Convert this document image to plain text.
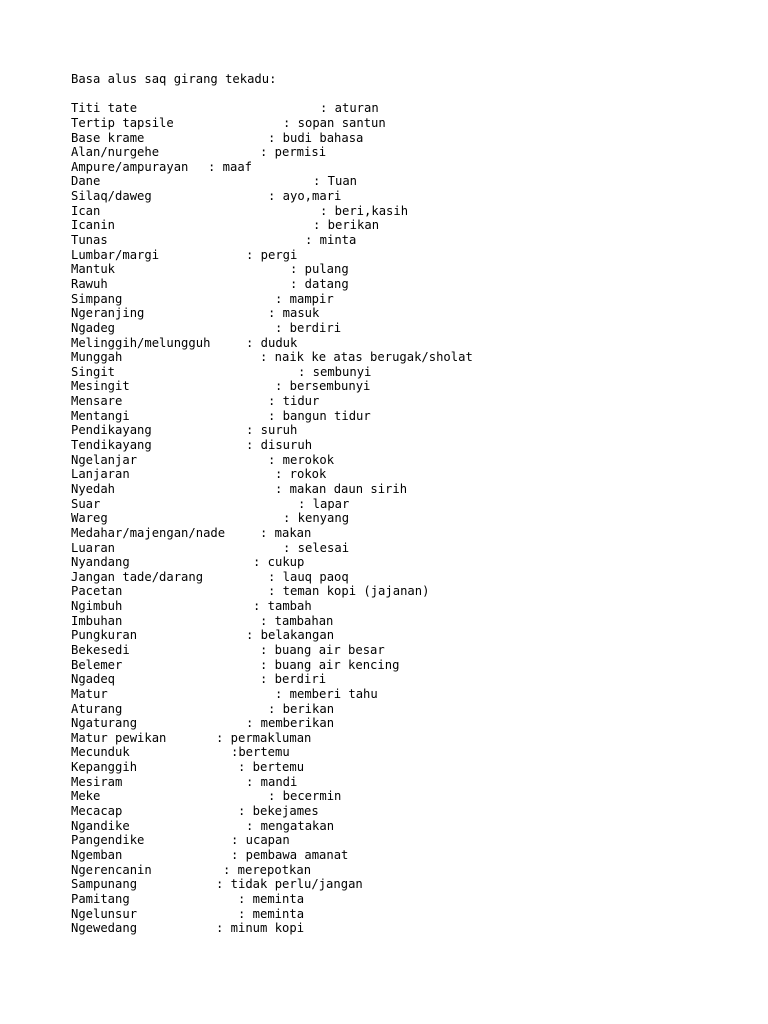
Basa alus saq girang tekadu:
Titi tate	: aturan
Tertip tapsile	: sopan santun
Base krame	: budi bahasa
Alan/nurgehe	: permisi
Ampure/ampurayan	: maaf
Dane	: Tuan
Silaq/daweg	: ayo,mari
Ican	: beri,kasih
Icanin	: berikan
Tunas	: minta
Lumbar/margi	: pergi
Mantuk	: pulang
Rawuh	: datang
Simpang	: mampir
Ngeranjing	: masuk
Ngadeg	: berdiri
Melinggih/melungguh	: duduk
Munggah	: naik ke atas berugak/sholat
Singit	: sembunyi
Mesingit	: bersembunyi
Mensare	: tidur
Mentangi	: bangun tidur
Pendikayang	: suruh
Tendikayang	: disuruh
Ngelanjar	: merokok
Lanjaran	: rokok
Nyedah	: makan daun sirih
Suar	: lapar
Wareg	: kenyang
Medahar/majengan/nade	: makan
Luaran	: selesai
Nyandang	: cukup
Jangan tade/darang	: lauq paoq
Pacetan	: teman kopi (jajanan)
Ngimbuh	: tambah
Imbuhan	: tambahan
Pungkuran	: belakangan
Bekesedi	: buang air besar
Belemer	: buang air kencing
Ngadeq	: berdiri
Matur	: memberi tahu
Aturang	: berikan
Ngaturang	: memberikan
Matur pewikan	: permakluman
Mecunduk	:bertemu
Kepanggih	: bertemu
Mesiram	: mandi
Meke	: becermin
Mecacap	: bekejames
Ngandike	: mengatakan
Pangendike	: ucapan
Ngemban	: pembawa amanat
Ngerencanin	: merepotkan
Sampunang	: tidak perlu/jangan
Pamitang	: meminta
Ngelunsur	: meminta
Ngewedang	: minum kopi
